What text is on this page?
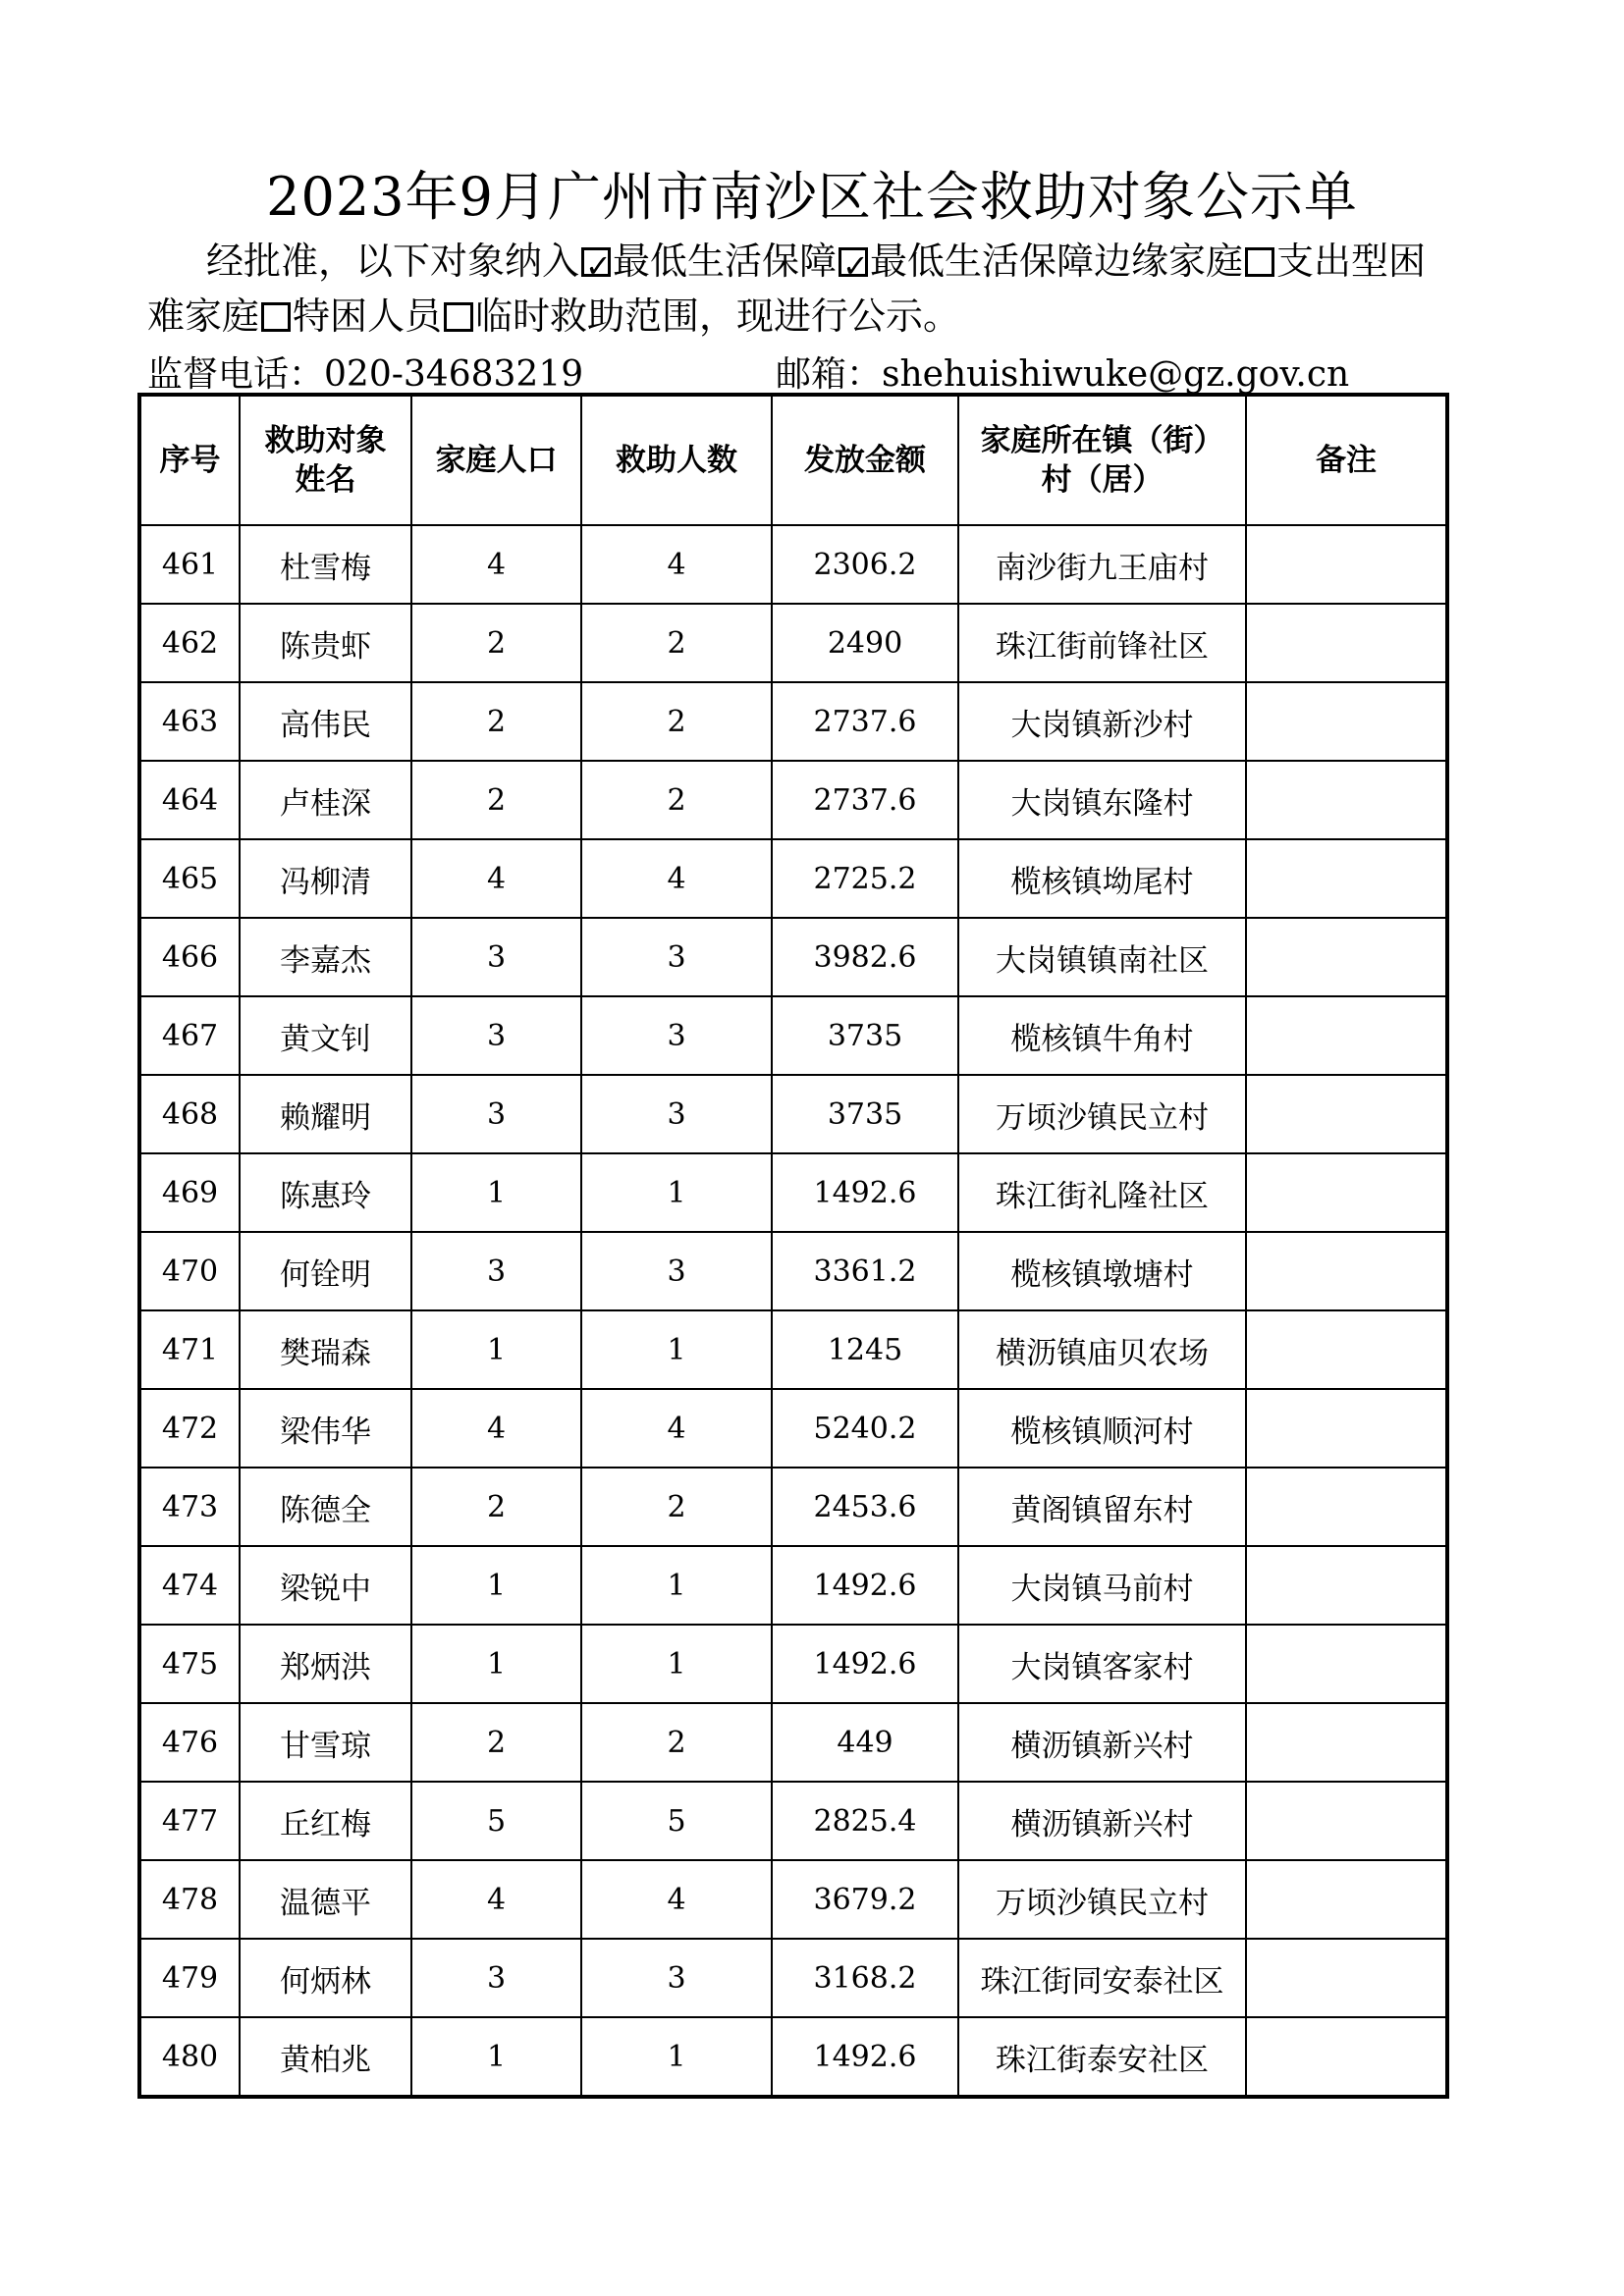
2023年9月广州市南沙区社会救助对象公示单
经批准，以下对象纳入 ✓ 最低生活保障 ✓ 最低生活保障边缘家庭 支出型困难家庭 特困人员 临时救助范围，现进行公示。
监督电话：020-34683219	邮箱：shehuishiwuke@gz.gov.cn
序号	救助对象姓名	家庭人口	救助人数	发放金额	家庭所在镇（街）村（居）	备注
461	杜雪梅	4	4	2306.2	南沙街九王庙村	
462	陈贵虾	2	2	2490	珠江街前锋社区	
463	高伟民	2	2	2737.6	大岗镇新沙村	
464	卢桂深	2	2	2737.6	大岗镇东隆村	
465	冯柳清	4	4	2725.2	榄核镇坳尾村	
466	李嘉杰	3	3	3982.6	大岗镇镇南社区	
467	黄文钊	3	3	3735	榄核镇牛角村	
468	赖耀明	3	3	3735	万顷沙镇民立村	
469	陈惠玲	1	1	1492.6	珠江街礼隆社区	
470	何铨明	3	3	3361.2	榄核镇墩塘村	
471	樊瑞森	1	1	1245	横沥镇庙贝农场	
472	梁伟华	4	4	5240.2	榄核镇顺河村	
473	陈德全	2	2	2453.6	黄阁镇留东村	
474	梁锐中	1	1	1492.6	大岗镇马前村	
475	郑炳洪	1	1	1492.6	大岗镇客家村	
476	甘雪琼	2	2	449	横沥镇新兴村	
477	丘红梅	5	5	2825.4	横沥镇新兴村	
478	温德平	4	4	3679.2	万顷沙镇民立村	
479	何炳林	3	3	3168.2	珠江街同安泰社区	
480	黄柏兆	1	1	1492.6	珠江街泰安社区	
